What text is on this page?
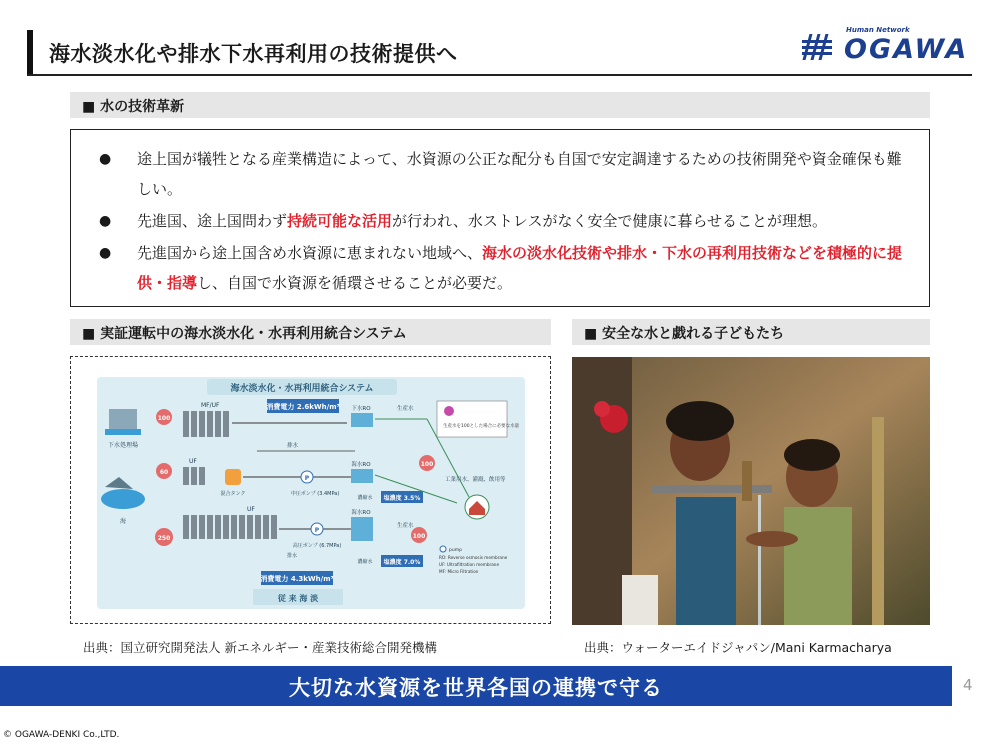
海水淡水化や排水下水再利用の技術提供へ
Human Network
OGAWA
■ 水の技術革新
● 途上国が犠牲となる産業構造によって、水資源の公正な配分も自国で安定調達するための技術開発や資金確保も難しい。
● 先進国、途上国問わず持続可能な活用が行われ、水ストレスがなく安全で健康に暮らせることが理想。
● 先進国から途上国含め水資源に恵まれない地域へ、海水の淡水化技術や排水・下水の再利用技術などを積極的に提供・指導し、自国で水資源を循環させることが必要だ。
■ 実証運転中の海水淡水化・水再利用統合システム
海水淡水化・水再利用統合システム
消費電力 2.6kWh/m³
下水処理場
100
MF/UF	下水RO	生産水
生産水を100とした場合に必要な水量
排水
UF
60
混合タンク
P
中圧ポンプ (3.4MPa)
海水RO
濃縮水 塩濃度 3.5%
100
工業用水、灌漑、飲用等
海
250
UF
P
高圧ポンプ (6.7MPa)
海水RO
生産水
100
濃縮水
排水
塩濃度 7.0%
pump
RO: Reverse osmosis membrane
UF: Ultrafiltration membrane
MF: Micro Filtration
消費電力 4.3kWh/m³
従 来 海 淡
■ 安全な水と戯れる子どもたち
出典：国立研究開発法人 新エネルギー・産業技術総合開発機構	出典：ウォーターエイドジャパン/Mani Karmacharya
大切な水資源を世界各国の連携で守る	4
© OGAWA-DENKI Co.,LTD.
